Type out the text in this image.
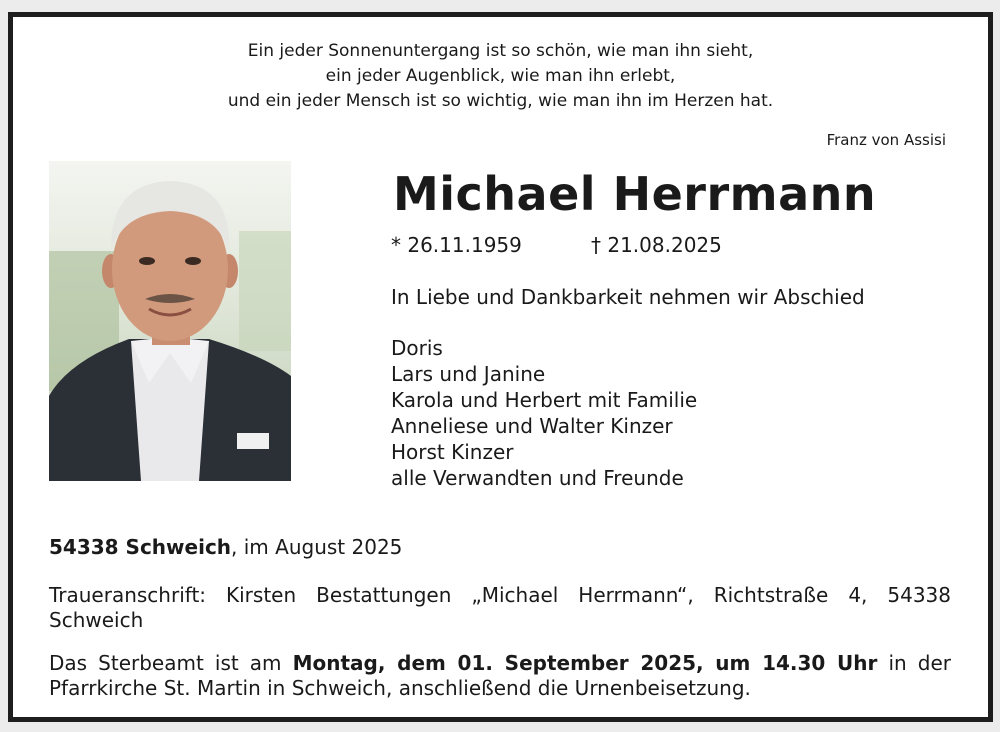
Ein jeder Sonnenuntergang ist so schön, wie man ihn sieht,
ein jeder Augenblick, wie man ihn erlebt,
und ein jeder Mensch ist so wichtig, wie man ihn im Herzen hat.
Franz von Assisi
Michael Herrmann
* 26.11.1959	† 21.08.2025
In Liebe und Dankbarkeit nehmen wir Abschied
Doris
Lars und Janine
Karola und Herbert mit Familie
Anneliese und Walter Kinzer
Horst Kinzer
alle Verwandten und Freunde
54338 Schweich, im August 2025
Traueranschrift: Kirsten Bestattungen „Michael Herrmann“, Richtstraße 4, 54338 Schweich
Das Sterbeamt ist am Montag, dem 01. September 2025, um 14.30 Uhr in der Pfarrkirche St. Martin in Schweich, anschließend die Urnenbeisetzung.
